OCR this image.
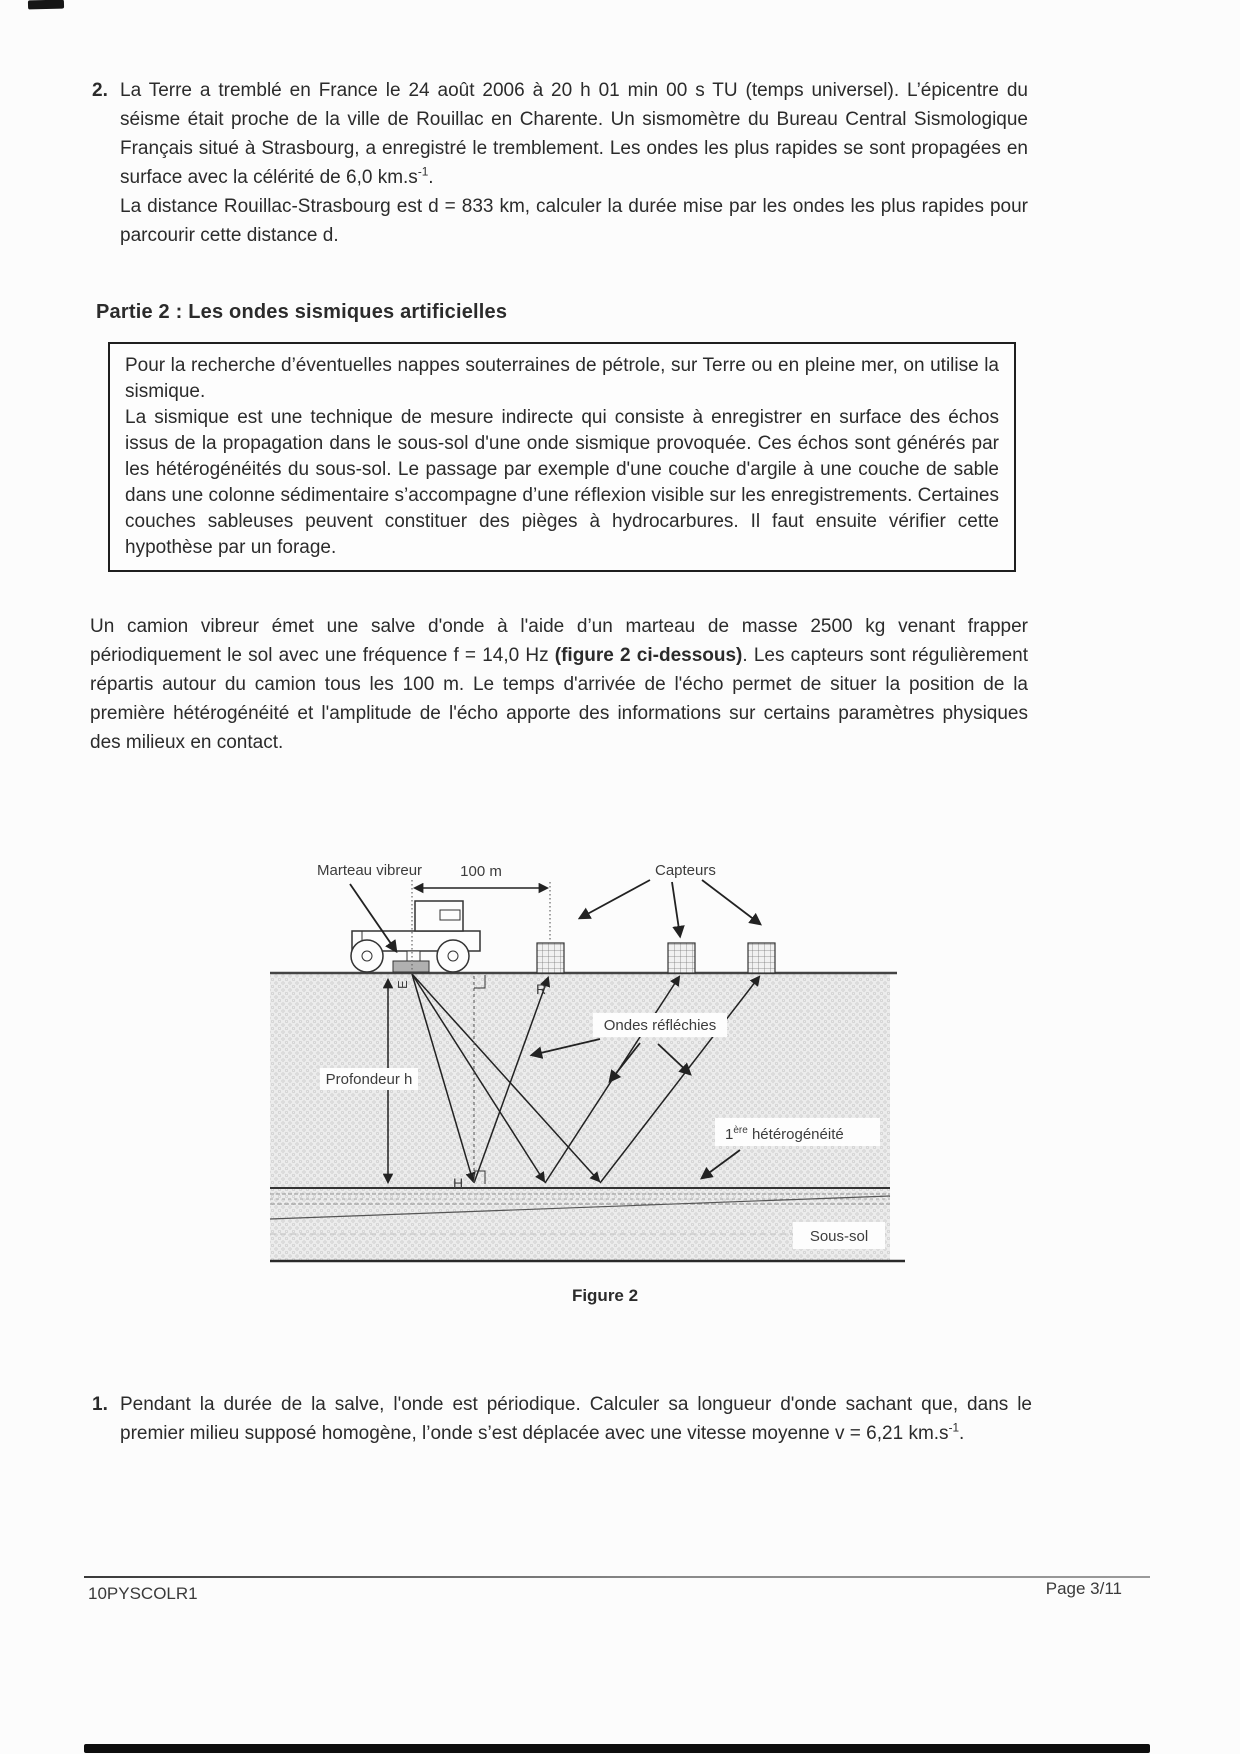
2. La Terre a tremblé en France le 24 août 2006 à 20 h 01 min 00 s TU (temps universel). L’épicentre du séisme était proche de la ville de Rouillac en Charente. Un sismomètre du Bureau Central Sismologique Français situé à Strasbourg, a enregistré le tremblement. Les ondes les plus rapides se sont propagées en surface avec la célérité de 6,0 $km.s^{-1}$.
La distance Rouillac-Strasbourg est d = 833 km, calculer la durée mise par les ondes les plus rapides pour parcourir cette distance d.
Partie 2 : Les ondes sismiques artificielles
Pour la recherche d’éventuelles nappes souterraines de pétrole, sur Terre ou en pleine mer, on utilise la sismique.
La sismique est une technique de mesure indirecte qui consiste à enregistrer en surface des échos issus de la propagation dans le sous-sol d'une onde sismique provoquée. Ces échos sont générés par les hétérogénéités du sous-sol. Le passage par exemple d'une couche d'argile à une couche de sable dans une colonne sédimentaire s’accompagne d’une réflexion visible sur les enregistrements. Certaines couches sableuses peuvent constituer des pièges à hydrocarbures. Il faut ensuite vérifier cette hypothèse par un forage.
Un camion vibreur émet une salve d'onde à l'aide d’un marteau de masse 2500 kg venant frapper périodiquement le sol avec une fréquence f = 14,0 Hz (figure 2 ci-dessous). Les capteurs sont régulièrement répartis autour du camion tous les 100 m. Le temps d'arrivée de l'écho permet de situer la position de la première hétérogénéité et l'amplitude de l'écho apporte des informations sur certains paramètres physiques des milieux en contact.
Ondes réfléchies
Profondeur h
1ère hétérogénéité
Sous-sol
Marteau vibreur	100 m	Capteurs
E	R
H
Figure 2
1. Pendant la durée de la salve, l'onde est périodique. Calculer sa longueur d'onde sachant que, dans le premier milieu supposé homogène, l’onde s’est déplacée avec une vitesse moyenne v = 6,21 $km.s^{-1}$.
10PYSCOLR1	Page 3/11
